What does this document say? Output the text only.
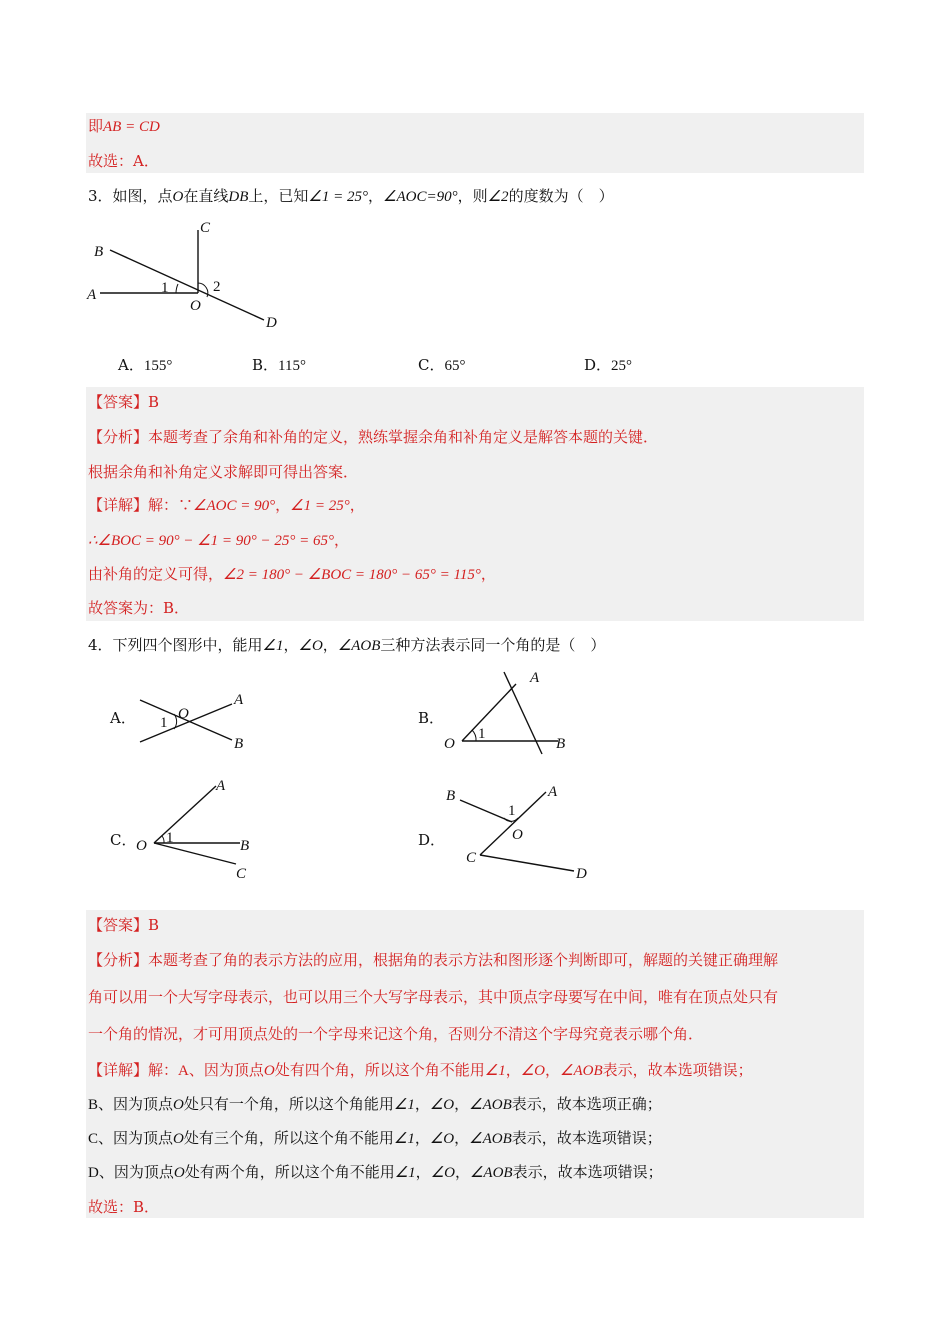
即AB = CD
故选：A．
3．如图，点O在直线DB上，已知∠1 = 25°，∠AOC=90°，则∠2的度数为（　）
B
C
A
O
D
1	2
A．155°	B．115°	C．65°	D．25°
【答案】B
【分析】本题考查了余角和补角的定义，熟练掌握余角和补角定义是解答本题的关键．
根据余角和补角定义求解即可得出答案．
【详解】解：∵∠AOC = 90°，∠1 = 25°，
∴∠BOC = 90° − ∠1 = 90° − 25° = 65°，
由补角的定义可得，∠2 = 180° − ∠BOC = 180° − 65° = 115°，
故答案为：B．
4．下列四个图形中，能用∠1，∠O，∠AOB三种方法表示同一个角的是（　）
A．
A
B
O
1	B．
A
B
O
1
C．
A
B
C
O 1	D．
B	A
O
C
D
1
【答案】B
【分析】本题考查了角的表示方法的应用，根据角的表示方法和图形逐个判断即可，解题的关键正确理解
角可以用一个大写字母表示，也可以用三个大写字母表示，其中顶点字母要写在中间，唯有在顶点处只有
一个角的情况，才可用顶点处的一个字母来记这个角，否则分不清这个字母究竟表示哪个角．
【详解】解：A、因为顶点O处有四个角，所以这个角不能用∠1，∠O，∠AOB表示，故本选项错误；
B、因为顶点O处只有一个角，所以这个角能用∠1，∠O，∠AOB表示，故本选项正确；
C、因为顶点O处有三个角，所以这个角不能用∠1，∠O，∠AOB表示，故本选项错误；
D、因为顶点O处有两个角，所以这个角不能用∠1，∠O，∠AOB表示，故本选项错误；
故选：B．
